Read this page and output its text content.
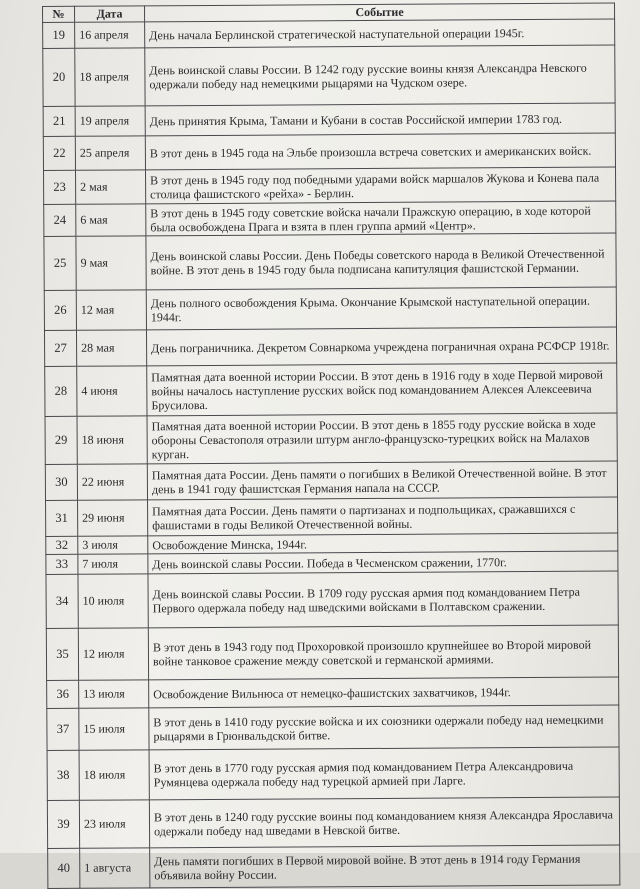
№	Дата	Событие
19	16 апреля	День начала Берлинской стратегической наступательной операции 1945г.
20	18 апреля	День воинской славы России. В 1242 году русские воины князя Александра Невского одержали победу над немецкими рыцарями на Чудском озере.
21	19 апреля	День принятия Крыма, Тамани и Кубани в состав Российской империи 1783 год.
22	25 апреля	В этот день в 1945 года на Эльбе произошла встреча советских и американских войск.
23	2 мая	В этот день в 1945 году под победными ударами войск маршалов Жукова и Конева пала столица фашистского «рейха» - Берлин.
24	6 мая	В этот день в 1945 году советские войска начали Пражскую операцию, в ходе которой была освобождена Прага и взята в плен группа армий «Центр».
25	9 мая	День воинской славы России. День Победы советского народа в Великой Отечественной войне. В этот день в 1945 году была подписана капитуляция фашистской Германии.
26	12 мая	День полного освобождения Крыма. Окончание Крымской наступательной операции. 1944г.
27	28 мая	День пограничника. Декретом Совнаркома учреждена пограничная охрана РСФСР 1918г.
28	4 июня	Памятная дата военной истории России. В этот день в 1916 году в ходе Первой мировой войны началось наступление русских войск под командованием Алексея Алексеевича Брусилова.
29	18 июня	Памятная дата военной истории России. В этот день в 1855 году русские войска в ходе обороны Севастополя отразили штурм англо-французско-турецких войск на Малахов курган.
30	22 июня	Памятная дата России. День памяти о погибших в Великой Отечественной войне. В этот день в 1941 году фашистская Германия напала на СССР.
31	29 июня	Памятная дата России. День памяти о партизанах и подпольщиках, сражавшихся с фашистами в годы Великой Отечественной войны.
32	3 июля	Освобождение Минска, 1944г.
33	7 июля	День воинской славы России. Победа в Чесменском сражении, 1770г.
34	10 июля	День воинской славы России. В 1709 году русская армия под командованием Петра Первого одержала победу над шведскими войсками в Полтавском сражении.
35	12 июля	В этот день в 1943 году под Прохоровкой произошло крупнейшее во Второй мировой войне танковое сражение между советской и германской армиями.
36	13 июля	Освобождение Вильнюса от немецко-фашистских захватчиков, 1944г.
37	15 июля	В этот день в 1410 году русские войска и их союзники одержали победу над немецкими рыцарями в Грюнвальдской битве.
38	18 июля	В этот день в 1770 году русская армия под командованием Петра Александровича Румянцева одержала победу над турецкой армией при Ларге.
39	23 июля	В этот день в 1240 году русские воины под командованием князя Александра Ярославича одержали победу над шведами в Невской битве.
40	1 августа	День памяти погибших в Первой мировой войне. В этот день в 1914 году Германия объявила войну России.
